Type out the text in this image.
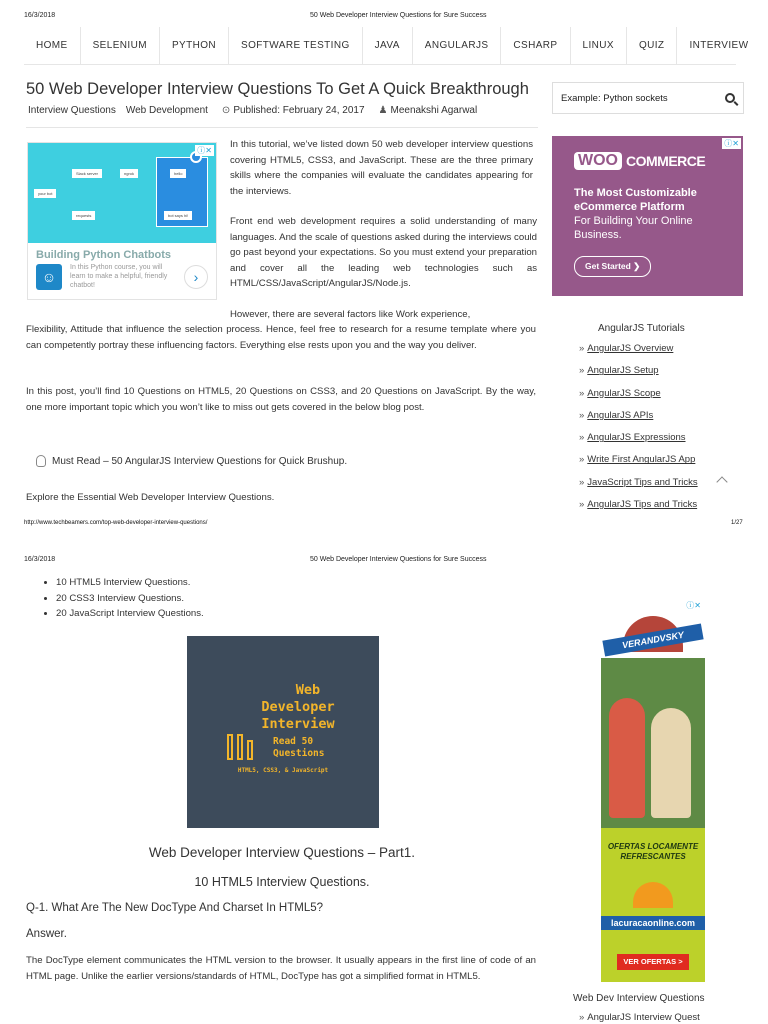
16/3/2018	50 Web Developer Interview Questions for Sure Success
HOME	SELENIUM	PYTHON	SOFTWARE TESTING	JAVA	ANGULARJS	CSHARP	LINUX	QUIZ	INTERVIEW
50 Web Developer Interview Questions To Get A Quick Breakthrough
Interview Questions Web Development ⊙ Published: February 24, 2017 ♟ Meenakshi Agarwal
Example: Python sockets
your bot
Slack server	ngrok	hello
requests	bot says hi!
ⓘ✕
Building Python Chatbots
☺
In this Python course, you will learn to make a helpful, friendly chatbot!
›

In this tutorial, we’ve listed down 50 web developer interview questions covering HTML5, CSS3, and JavaScript. These are the three primary skills where the companies will evaluate the candidates appearing for the interviews.

Front end web development requires a solid understanding of many languages. And the scale of questions asked during the interviews could go past beyond your expectations. So you must extend your preparation and cover all the leading web technologies such as HTML/CSS/JavaScript/AngularJS/Node.js.

However, there are several factors like Work experience,

Flexibility, Attitude that influence the selection process. Hence, feel free to research for a resume template where you can competently portray these influencing factors. Everything else rests upon you and the way you deliver.

In this post, you’ll find 10 Questions on HTML5, 20 Questions on CSS3, and 20 Questions on JavaScript. By the way, one more important topic which you won’t like to miss out gets covered in the below blog post.

Must Read – 50 AngularJS Interview Questions for Quick Brushup.

Explore the Essential Web Developer Interview Questions.

ⓘ✕
WOO COMMERCE
The Most Customizable eCommerce Platform
For Building Your Online Business.
Get Started ❯
AngularJS Tutorials
» AngularJS Overview
» AngularJS Setup
» AngularJS Scope
» AngularJS APIs
» AngularJS Expressions
» Write First AngularJS App
» JavaScript Tips and Tricks
» AngularJS Tips and Tricks
http://www.techbeamers.com/top-web-developer-interview-questions/	1/27
16/3/2018	50 Web Developer Interview Questions for Sure Success
• 10 HTML5 Interview Questions.
• 20 CSS3 Interview Questions.
• 20 JavaScript Interview Questions.
Web
Developer
Interview
Read 50
Questions
HTML5, CSS3, & JavaScript
Web Developer Interview Questions – Part1.
10 HTML5 Interview Questions.
Q-1. What Are The New DocType And Charset In HTML5?
Answer.

The DocType element communicates the HTML version to the browser. It usually appears in the first line of code of an HTML page. Unlike the earlier versions/standards of HTML, DocType has got a simplified format in HTML5.

VERANDVSKY
OFERTAS LOCAMENTE REFRESCANTES
lacuracaonline.com
VER OFERTAS >
ⓘ✕
Web Dev Interview Questions
» AngularJS Interview Quest
